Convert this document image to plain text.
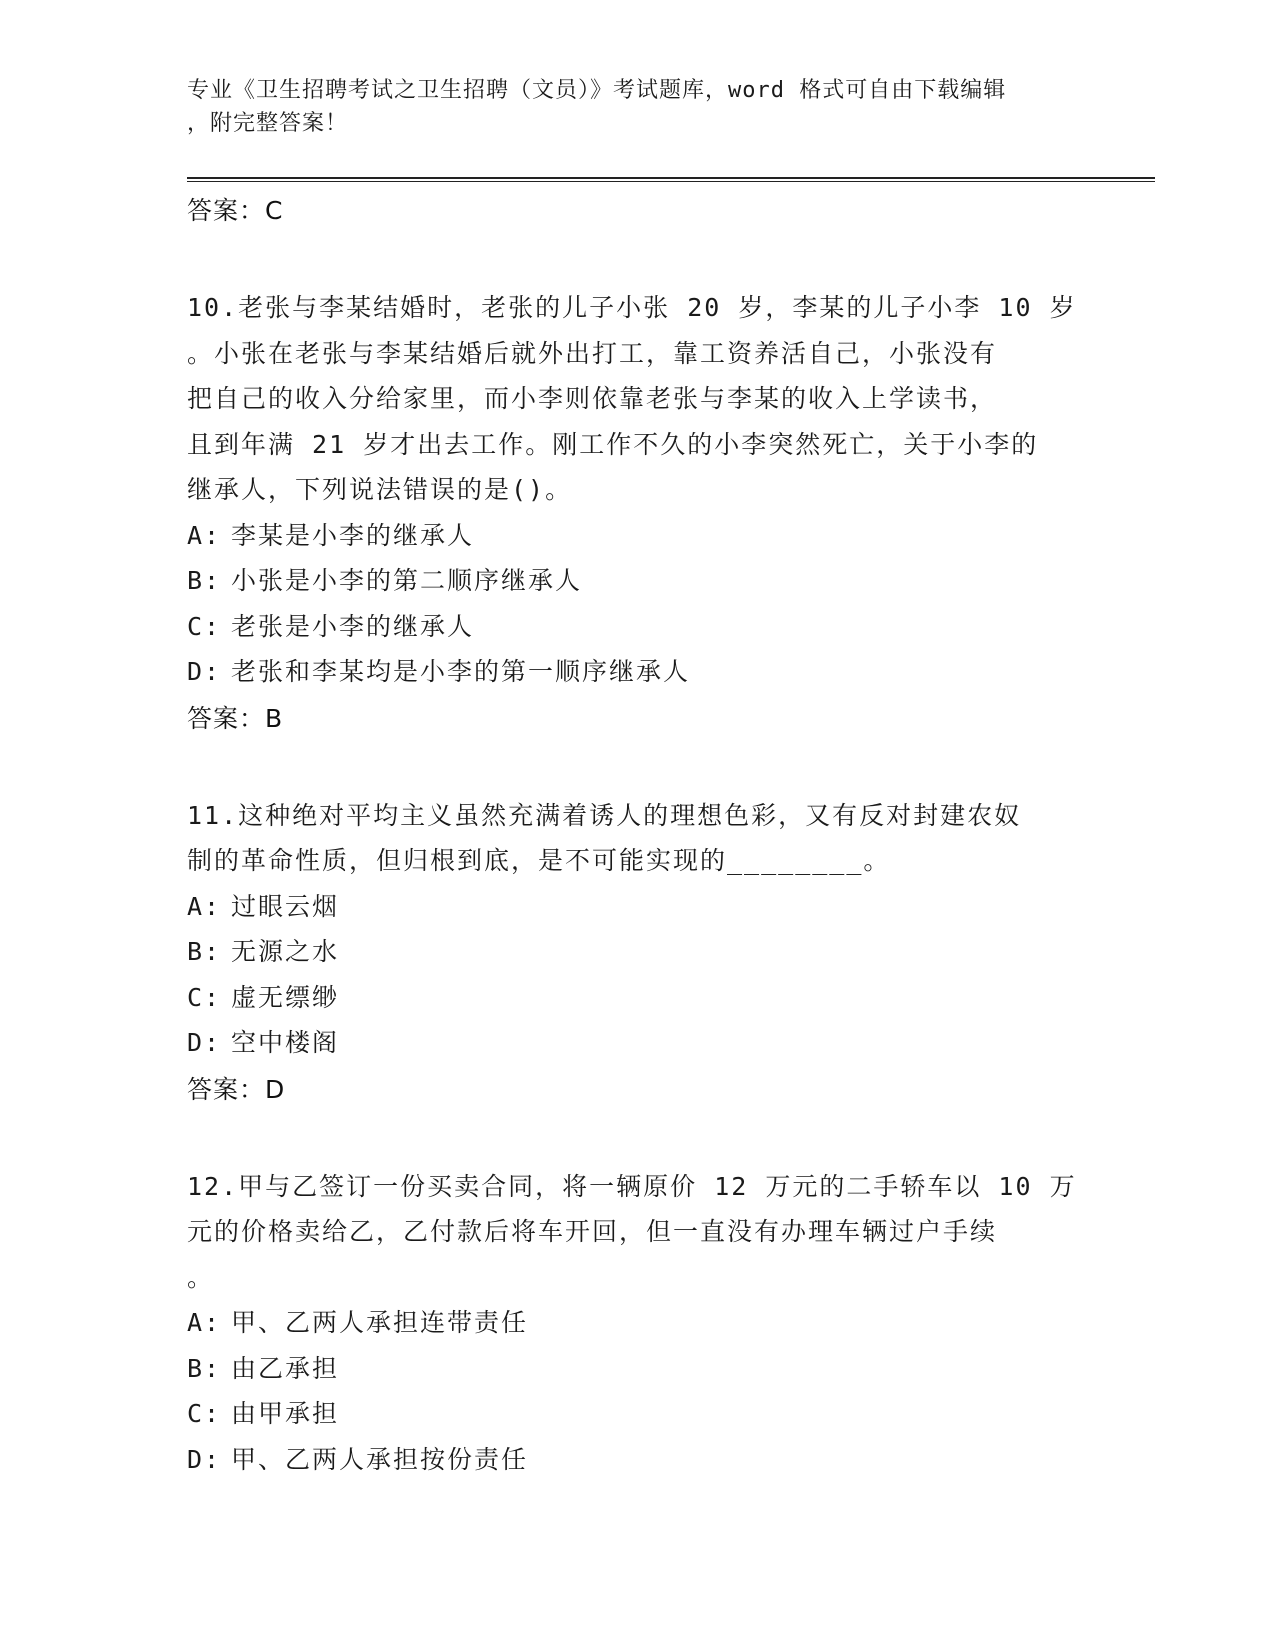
专业《卫生招聘考试之卫生招聘（文员）》考试题库，word 格式可自由下载编辑
，附完整答案！
答案：C
10.老张与李某结婚时，老张的儿子小张 20 岁，李某的儿子小李 10 岁
。小张在老张与李某结婚后就外出打工，靠工资养活自己，小张没有
把自己的收入分给家里，而小李则依靠老张与李某的收入上学读书，
且到年满 21 岁才出去工作。刚工作不久的小李突然死亡，关于小李的
继承人，下列说法错误的是()。
A: 李某是小李的继承人
B: 小张是小李的第二顺序继承人
C: 老张是小李的继承人
D: 老张和李某均是小李的第一顺序继承人
答案：B
11.这种绝对平均主义虽然充满着诱人的理想色彩，又有反对封建农奴
制的革命性质，但归根到底，是不可能实现的________。
A: 过眼云烟
B: 无源之水
C: 虚无缥缈
D: 空中楼阁
答案：D
12.甲与乙签订一份买卖合同，将一辆原价 12 万元的二手轿车以 10 万
元的价格卖给乙，乙付款后将车开回，但一直没有办理车辆过户手续
。
A: 甲、乙两人承担连带责任
B: 由乙承担
C: 由甲承担
D: 甲、乙两人承担按份责任
